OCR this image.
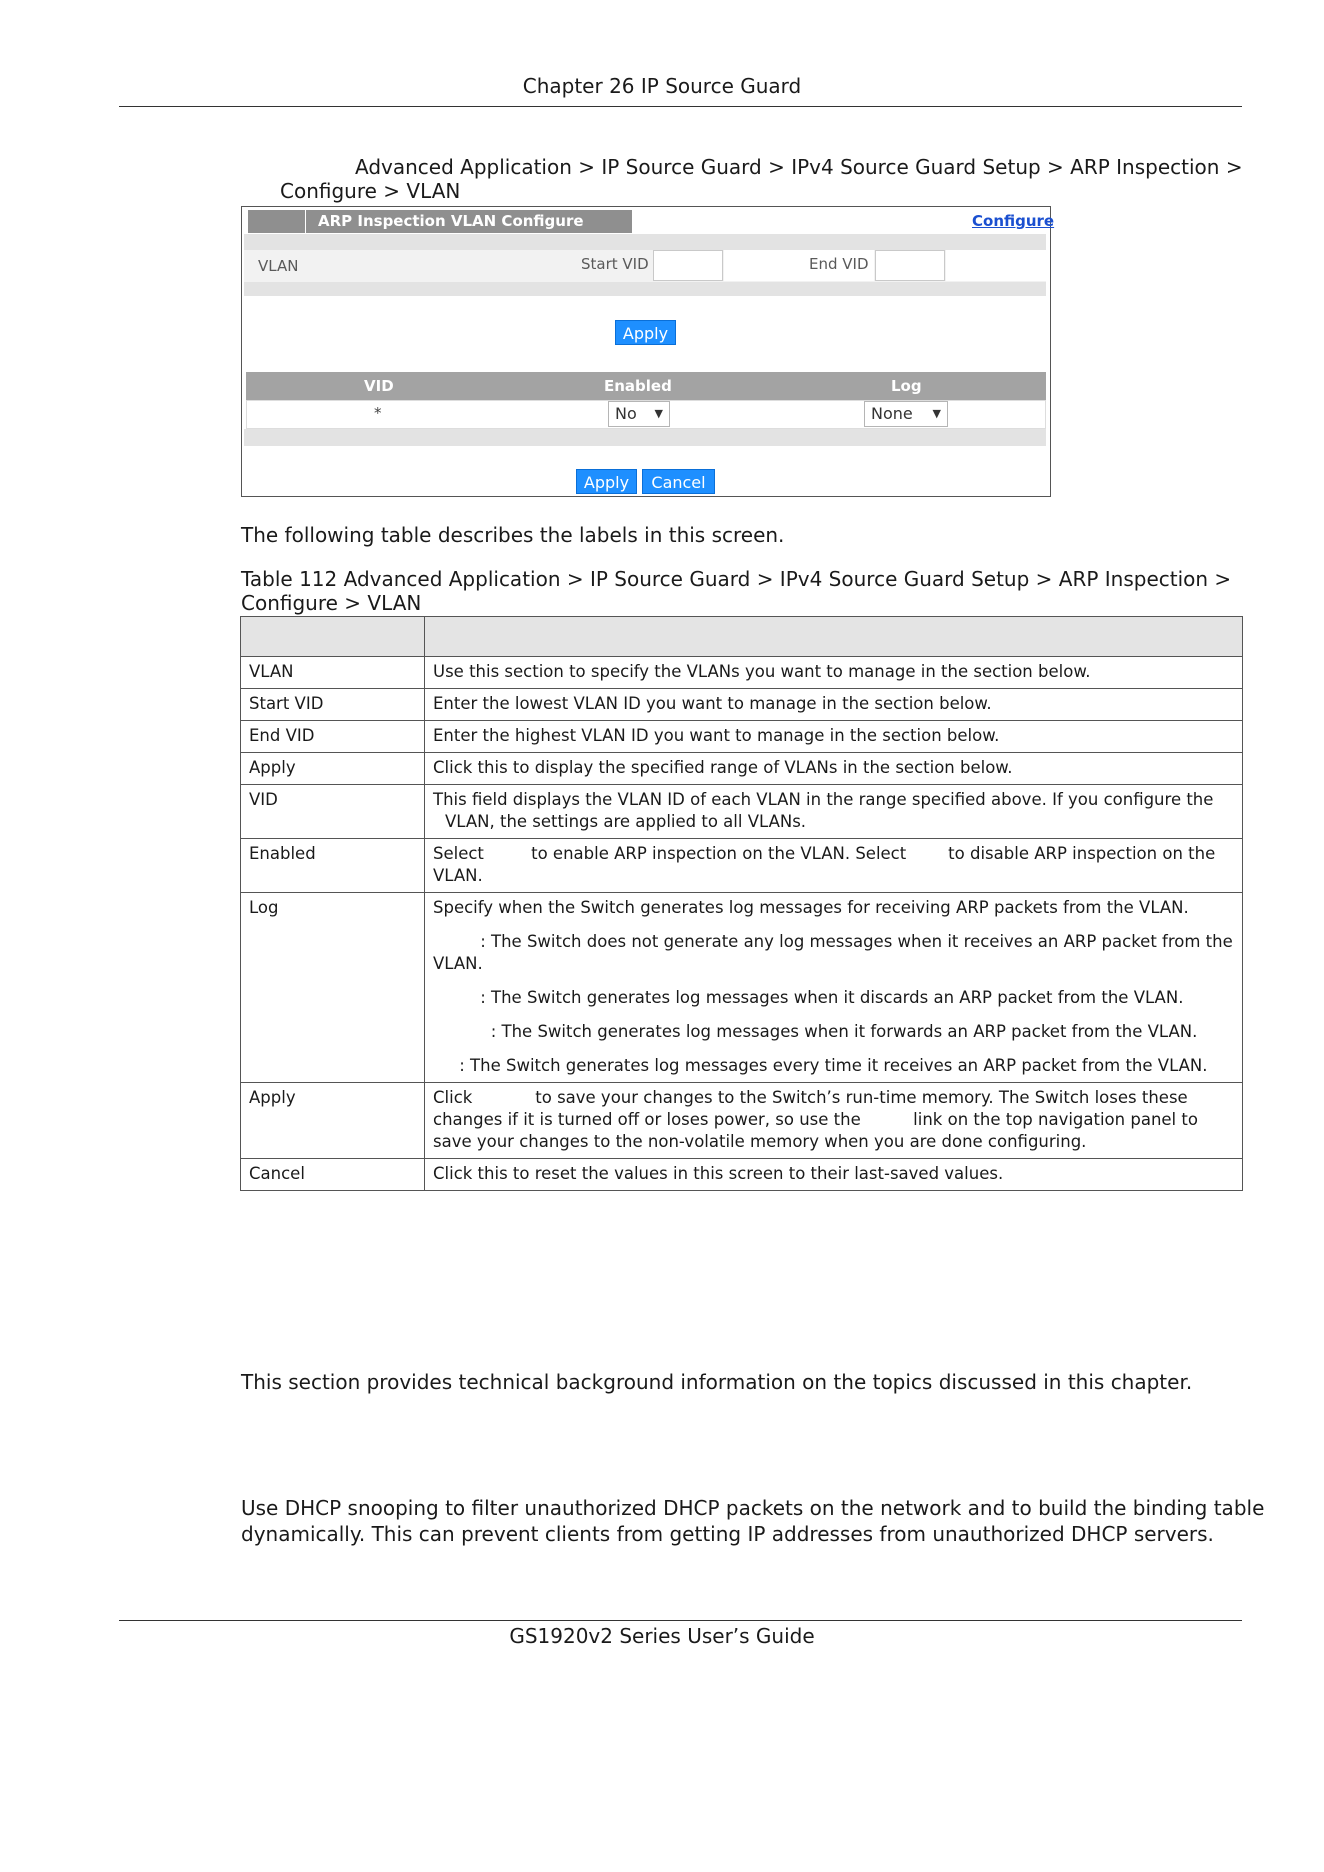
Chapter 26 IP Source Guard
Advanced Application > IP Source Guard > IPv4 Source Guard Setup > ARP Inspection >
Configure > VLAN
ARP Inspection VLAN Configure	Configure
VLAN	Start VID	End VID
Apply
VID	Enabled	Log
*	No ▼	None ▼
Apply	Cancel
The following table describes the labels in this screen.
Table 112 Advanced Application > IP Source Guard > IPv4 Source Guard Setup > ARP Inspection >
Configure > VLAN

VLAN	Use this section to specify the VLANs you want to manage in the section below.
Start VID	Enter the lowest VLAN ID you want to manage in the section below.
End VID	Enter the highest VLAN ID you want to manage in the section below.
Apply	Click this to display the specified range of VLANs in the section below.
VID	This field displays the VLAN ID of each VLAN in the range specified above. If you configure the
VLAN, the settings are applied to all VLANs.
Enabled	Select         to enable ARP inspection on the VLAN. Select        to disable ARP inspection on the VLAN.
Log	Specify when the Switch generates log messages for receiving ARP packets from the VLAN.
: The Switch does not generate any log messages when it receives an ARP packet from the VLAN.
: The Switch generates log messages when it discards an ARP packet from the VLAN.
: The Switch generates log messages when it forwards an ARP packet from the VLAN.
: The Switch generates log messages every time it receives an ARP packet from the VLAN.

Apply	Click            to save your changes to the Switch’s run-time memory. The Switch loses these changes if it is turned off or loses power, so use the          link on the top navigation panel to save your changes to the non-volatile memory when you are done configuring.
Cancel	Click this to reset the values in this screen to their last-saved values.
This section provides technical background information on the topics discussed in this chapter.
Use DHCP snooping to filter unauthorized DHCP packets on the network and to build the binding table
dynamically. This can prevent clients from getting IP addresses from unauthorized DHCP servers.
GS1920v2 Series User’s Guide
